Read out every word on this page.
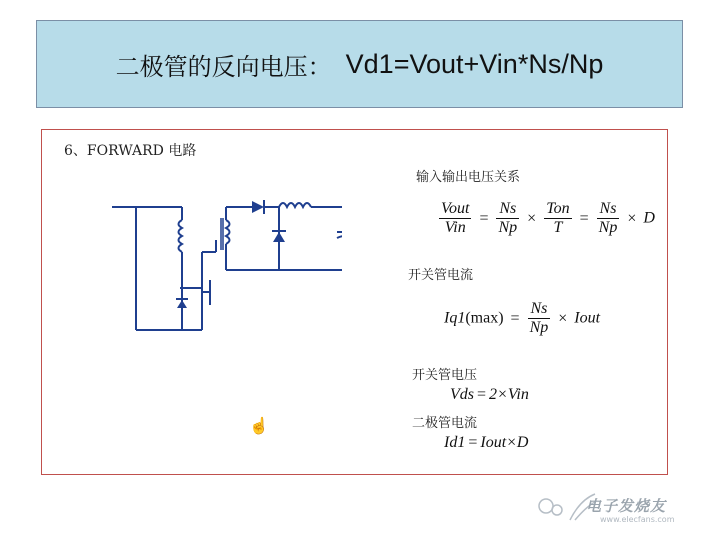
二极管的反向电压： Vd1=Vout+Vin*Ns/Np
6、FORWARD 电路
输入输出电压关系
$\frac{\text{Vout}}{\text{Vin}} = \frac{Ns}{Np} \times \frac{\text{Ton}}{T} = \frac{Ns}{Np} \times D$
开关管电流
$Iq1(\max) = \frac{Ns}{Np}$ × Iout
开关管电压
Vds = 2×Vin
二极管电流
Id1 = Iout×D
☝
电子发烧友
www.elecfans.com
